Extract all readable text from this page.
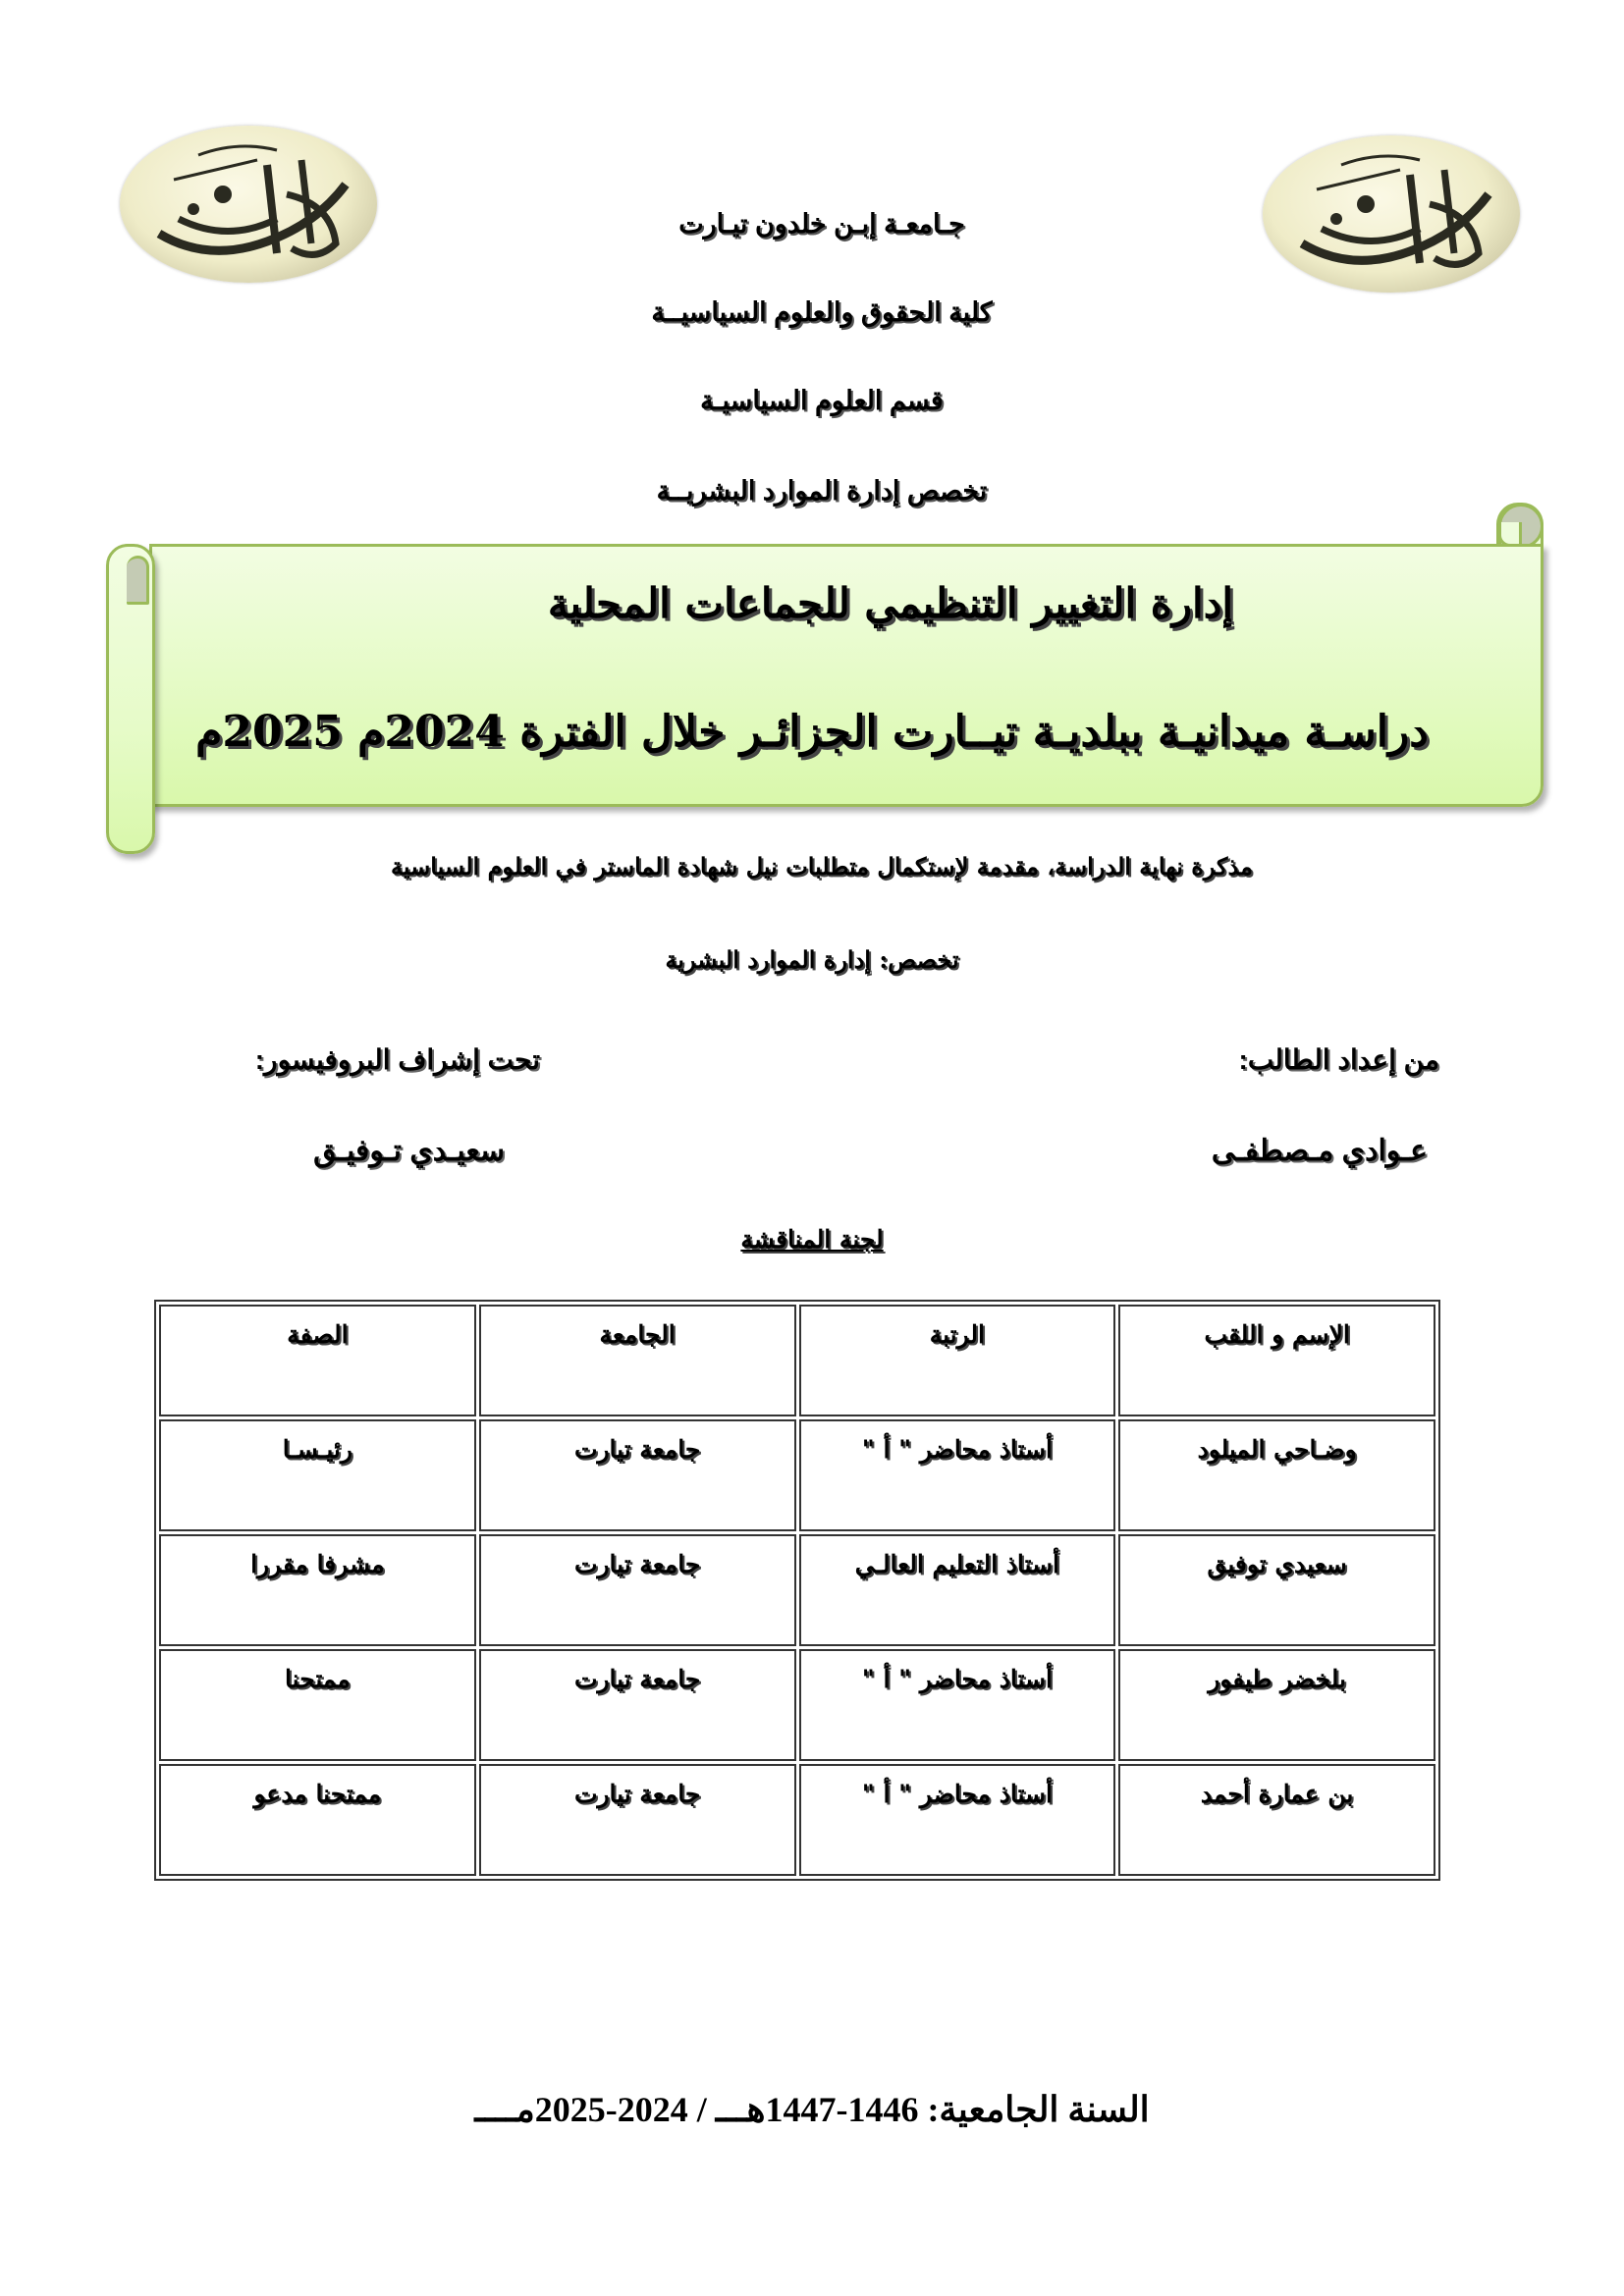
جـامعـة إبـن خلدون تيـارت
كلية الحقوق والعلوم السياسيــة
قسم العلوم السياسيـة
تخصص إدارة الموارد البشريــة
إدارة التغيير التنظيمي للجماعات المحلية
دراسـة ميدانيـة ببلديـة تيــارت الجزائـر خلال الفترة 2024م 2025م
مذكرة نهاية الدراسة، مقدمة لإستكمال متطلبات نيل شهادة الماستر في العلوم السياسية
تخصص: إدارة الموارد البشرية
من إعداد الطالب:
تحت إشراف البروفيسور:
عـوادي مـصطفـى
سعيـدي تـوفيـق
لجنة المناقشة
الإسم و اللقب	الرتبة	الجامعة	الصفة
وضـاحي الميلود	أستاذ محاضر " أ "	جامعة تيارت	رئيـسـا
سعيدي توفيق	أستاذ التعليم العالـي	جامعة تيارت	مشرفا مقررا
بلخضر طيفور	أستاذ محاضر " أ "	جامعة تيارت	ممتحنا
بن عمارة أحمد	أستاذ محاضر " أ "	جامعة تيارت	ممتحنا مدعو
السنة الجامعية: 1446-1447هـــ / 2024-2025مــــ
